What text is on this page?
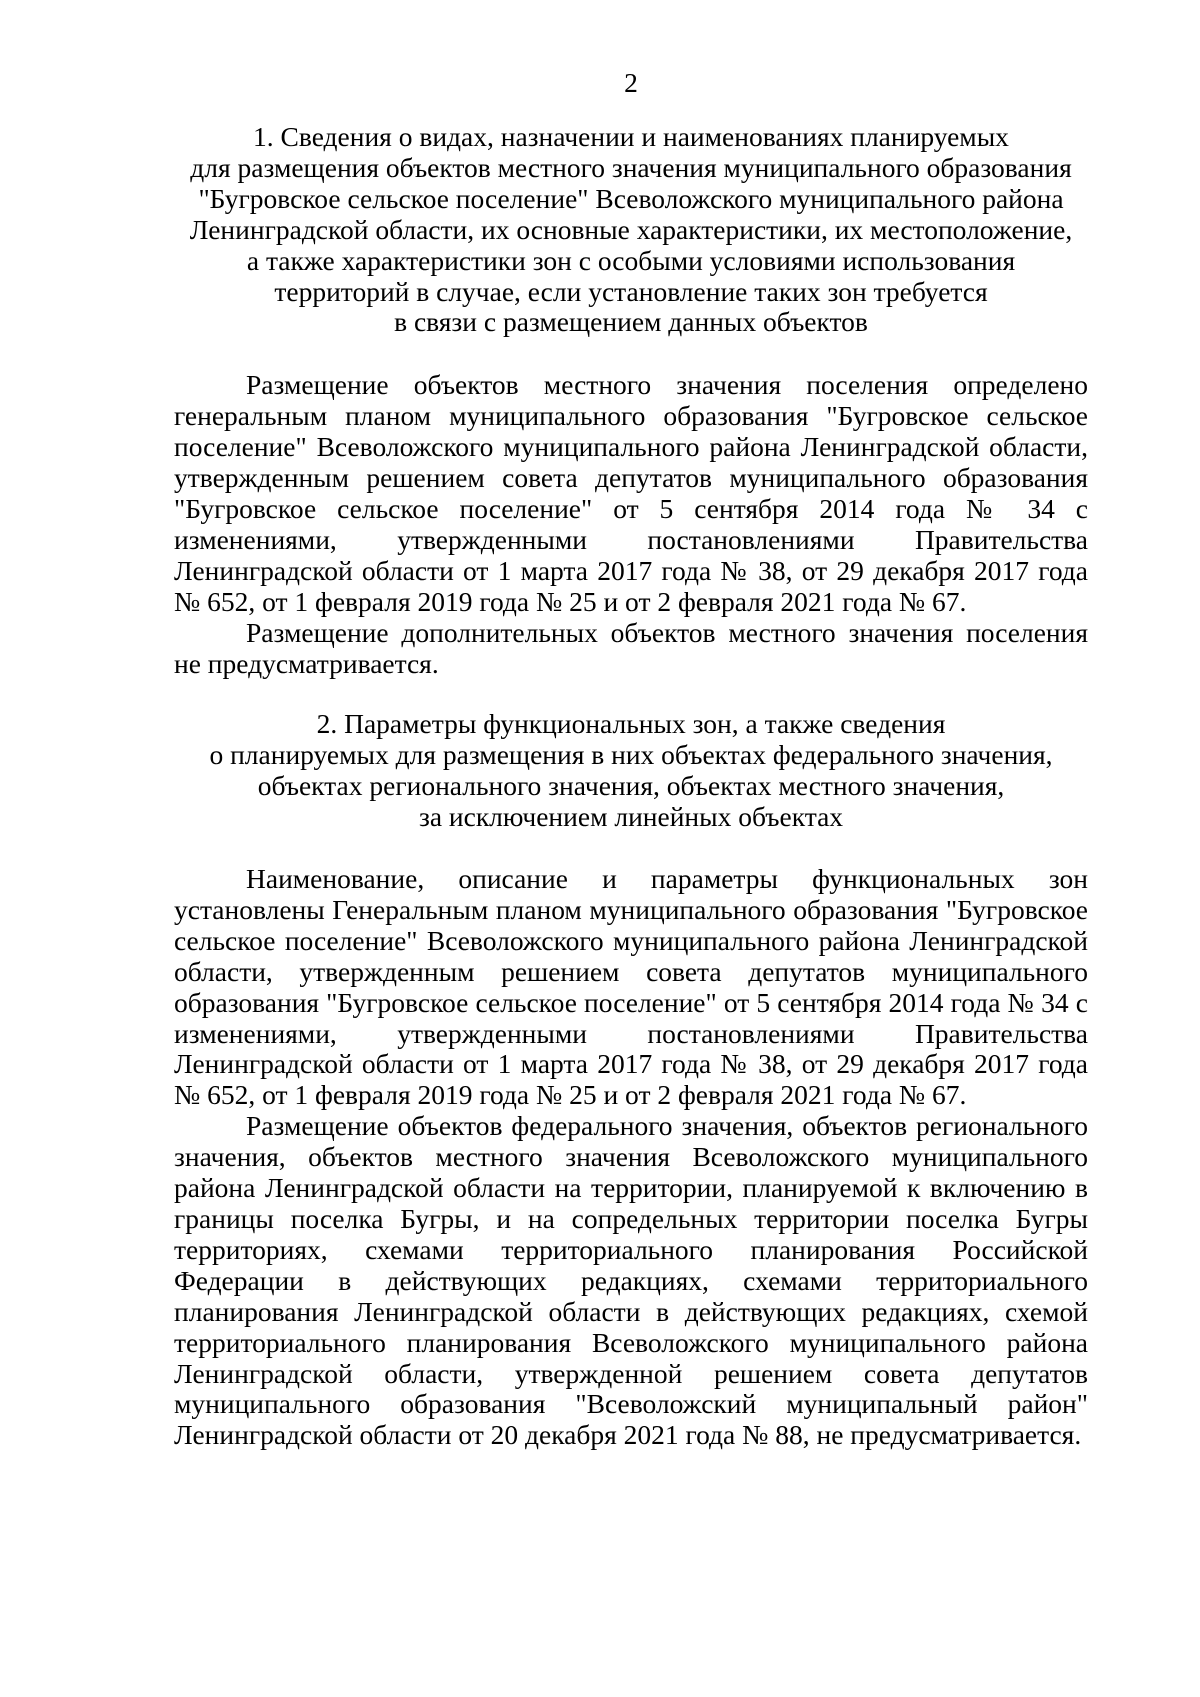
2
1. Сведения о видах, назначении и наименованиях планируемых
для размещения объектов местного значения муниципального образования
"Бугровское сельское поселение" Всеволожского муниципального района
Ленинградской области, их основные характеристики, их местоположение,
а также характеристики зон с особыми условиями использования
территорий в случае, если установление таких зон требуется
в связи с размещением данных объектов

Размещение объектов местного значения поселения определено генеральным планом муниципального образования "Бугровское сельское поселение" Всеволожского муниципального района Ленинградской области, утвержденным решением совета депутатов муниципального образования "Бугровское сельское поселение" от 5 сентября 2014 года № 34 с изменениями, утвержденными постановлениями Правительства Ленинградской области от 1 марта 2017 года № 38, от 29 декабря 2017 года № 652, от 1 февраля 2019 года № 25 и от 2 февраля 2021 года № 67.

Размещение дополнительных объектов местного значения поселения не предусматривается.

2. Параметры функциональных зон, а также сведения
о планируемых для размещения в них объектах федерального значения,
объектах регионального значения, объектах местного значения,
за исключением линейных объектах

Наименование, описание и параметры функциональных зон установлены Генеральным планом муниципального образования "Бугровское сельское поселение" Всеволожского муниципального района Ленинградской области, утвержденным решением совета депутатов муниципального образования "Бугровское сельское поселение" от 5 сентября 2014 года № 34 с изменениями, утвержденными постановлениями Правительства Ленинградской области от 1 марта 2017 года № 38, от 29 декабря 2017 года № 652, от 1 февраля 2019 года № 25 и от 2 февраля 2021 года № 67.

Размещение объектов федерального значения, объектов регионального значения, объектов местного значения Всеволожского муниципального района Ленинградской области на территории, планируемой к включению в границы поселка Бугры, и на сопредельных территории поселка Бугры территориях, схемами территориального планирования Российской Федерации в действующих редакциях, схемами территориального планирования Ленинградской области в действующих редакциях, схемой территориального планирования Всеволожского муниципального района Ленинградской области, утвержденной решением совета депутатов муниципального образования "Всеволожский муниципальный район" Ленинградской области от 20 декабря 2021 года № 88, не предусматривается.
